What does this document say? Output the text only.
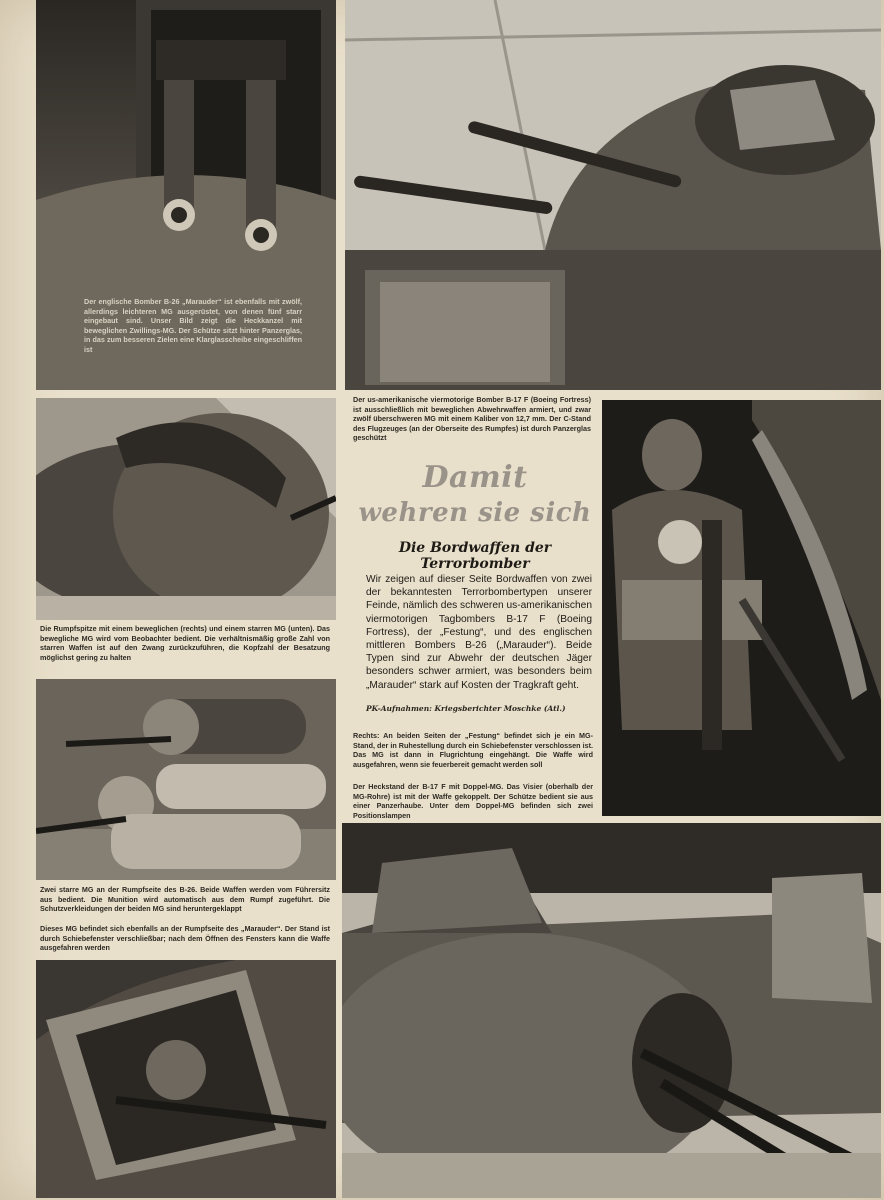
Der englische Bomber B-26 „Marauder“ ist ebenfalls mit zwölf, allerdings leichteren MG ausgerüstet, von denen fünf starr eingebaut sind. Unser Bild zeigt die Heckkanzel mit beweglichen Zwillings-MG. Der Schütze sitzt hinter Panzerglas, in das zum besseren Zielen eine Klarglasscheibe eingeschliffen ist
Der us-amerikanische viermotorige Bomber B-17 F (Boeing Fortress) ist ausschließlich mit beweglichen Abwehrwaffen armiert, und zwar zwölf überschweren MG mit einem Kaliber von 12,7 mm. Der C-Stand des Flugzeuges (an der Oberseite des Rumpfes) ist durch Panzerglas geschützt
Die Rumpfspitze mit einem beweglichen (rechts) und einem starren MG (unten). Das bewegliche MG wird vom Beobachter bedient. Die verhältnismäßig große Zahl von starren Waffen ist auf den Zwang zurückzuführen, die Kopfzahl der Besatzung möglichst gering zu halten
Damit
wehren sie sich
Die Bordwaffen der Terrorbomber
Wir zeigen auf dieser Seite Bordwaffen von zwei der bekanntesten Terrorbombertypen unserer Feinde, nämlich des schweren us-amerikanischen viermotorigen Tagbombers B-17 F (Boeing Fortress), der „Festung“, und des englischen mittleren Bombers B-26 („Marauder“). Beide Typen sind zur Abwehr der deutschen Jäger besonders schwer armiert, was besonders beim „Marauder“ stark auf Kosten der Tragkraft geht.
PK-Aufnahmen: Kriegsberichter Moschke (Atl.)
Rechts: An beiden Seiten der „Festung“ befindet sich je ein MG-Stand, der in Ruhestellung durch ein Schiebefenster verschlossen ist. Das MG ist dann in Flugrichtung eingehängt. Die Waffe wird ausgefahren, wenn sie feuerbereit gemacht werden soll
Der Heckstand der B-17 F mit Doppel-MG. Das Visier (oberhalb der MG-Rohre) ist mit der Waffe gekoppelt. Der Schütze bedient sie aus einer Panzerhaube. Unter dem Doppel-MG befinden sich zwei Positionslampen
Zwei starre MG an der Rumpfseite des B-26. Beide Waffen werden vom Führersitz aus bedient. Die Munition wird automatisch aus dem Rumpf zugeführt. Die Schutzverkleidungen der beiden MG sind heruntergeklappt
Dieses MG befindet sich ebenfalls an der Rumpfseite des „Marauder“. Der Stand ist durch Schiebefenster verschließbar; nach dem Öffnen des Fensters kann die Waffe ausgefahren werden
